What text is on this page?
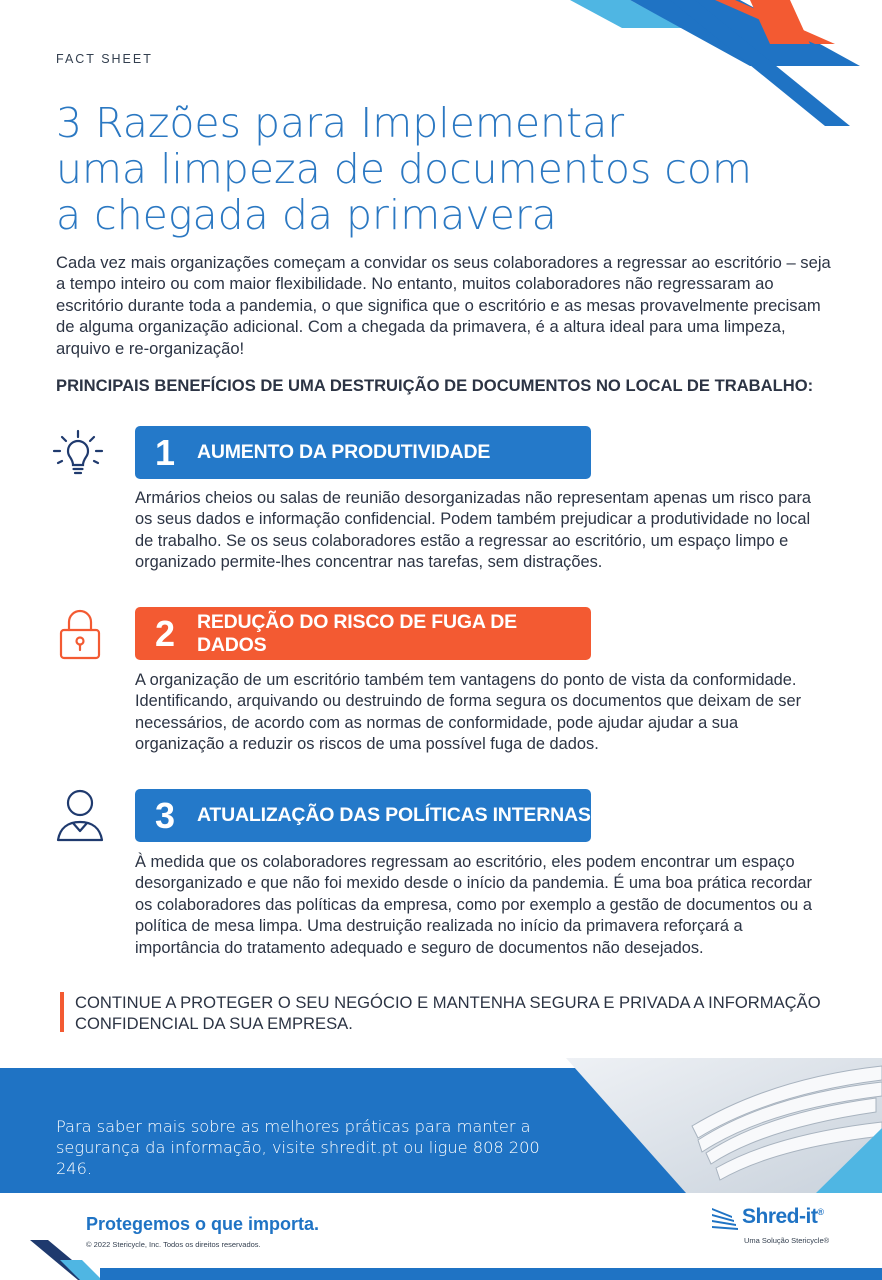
FACT SHEET
3 Razões para Implementar
uma limpeza de documentos com
a chegada da primavera

Cada vez mais organizações começam a convidar os seus colaboradores a regressar ao escritório – seja a tempo inteiro ou com maior flexibilidade. No entanto, muitos colaboradores não regressaram ao escritório durante toda a pandemia, o que significa que o escritório e as mesas provavelmente precisam de alguma organização adicional. Com a chegada da primavera, é a altura ideal para uma limpeza, arquivo e re-organização!

PRINCIPAIS BENEFÍCIOS DE UMA DESTRUIÇÃO DE DOCUMENTOS NO LOCAL DE TRABALHO:

1	AUMENTO DA PRODUTIVIDADE

Armários cheios ou salas de reunião desorganizadas não representam apenas um risco para os seus dados e informação confidencial. Podem também prejudicar a produtividade no local de trabalho. Se os seus colaboradores estão a regressar ao escritório, um espaço limpo e organizado permite-lhes concentrar nas tarefas, sem distrações.

2	REDUÇÃO DO RISCO DE FUGA DE DADOS

A organização de um escritório também tem vantagens do ponto de vista da conformidade. Identificando, arquivando ou destruindo de forma segura os documentos que deixam de ser necessários, de acordo com as normas de conformidade, pode ajudar ajudar a sua organização a reduzir os riscos de uma possível fuga de dados.

3	ATUALIZAÇÃO DAS POLÍTICAS INTERNAS

À medida que os colaboradores regressam ao escritório, eles podem encontrar um espaço desorganizado e que não foi mexido desde o início da pandemia. É uma boa prática recordar os colaboradores das políticas da empresa, como por exemplo a gestão de documentos ou a política de mesa limpa. Uma destruição realizada no início da primavera reforçará a importância do tratamento adequado e seguro de documentos não desejados.

CONTINUE A PROTEGER O SEU NEGÓCIO E MANTENHA SEGURA E PRIVADA A INFORMAÇÃO CONFIDENCIAL DA SUA EMPRESA.
Para saber mais sobre as melhores práticas para manter a segurança da informação, visite shredit.pt ou ligue 808 200 246.
Protegemos o que importa.
© 2022 Stericycle, Inc. Todos os direitos reservados.
Shred-it®
Uma Solução Stericycle®
